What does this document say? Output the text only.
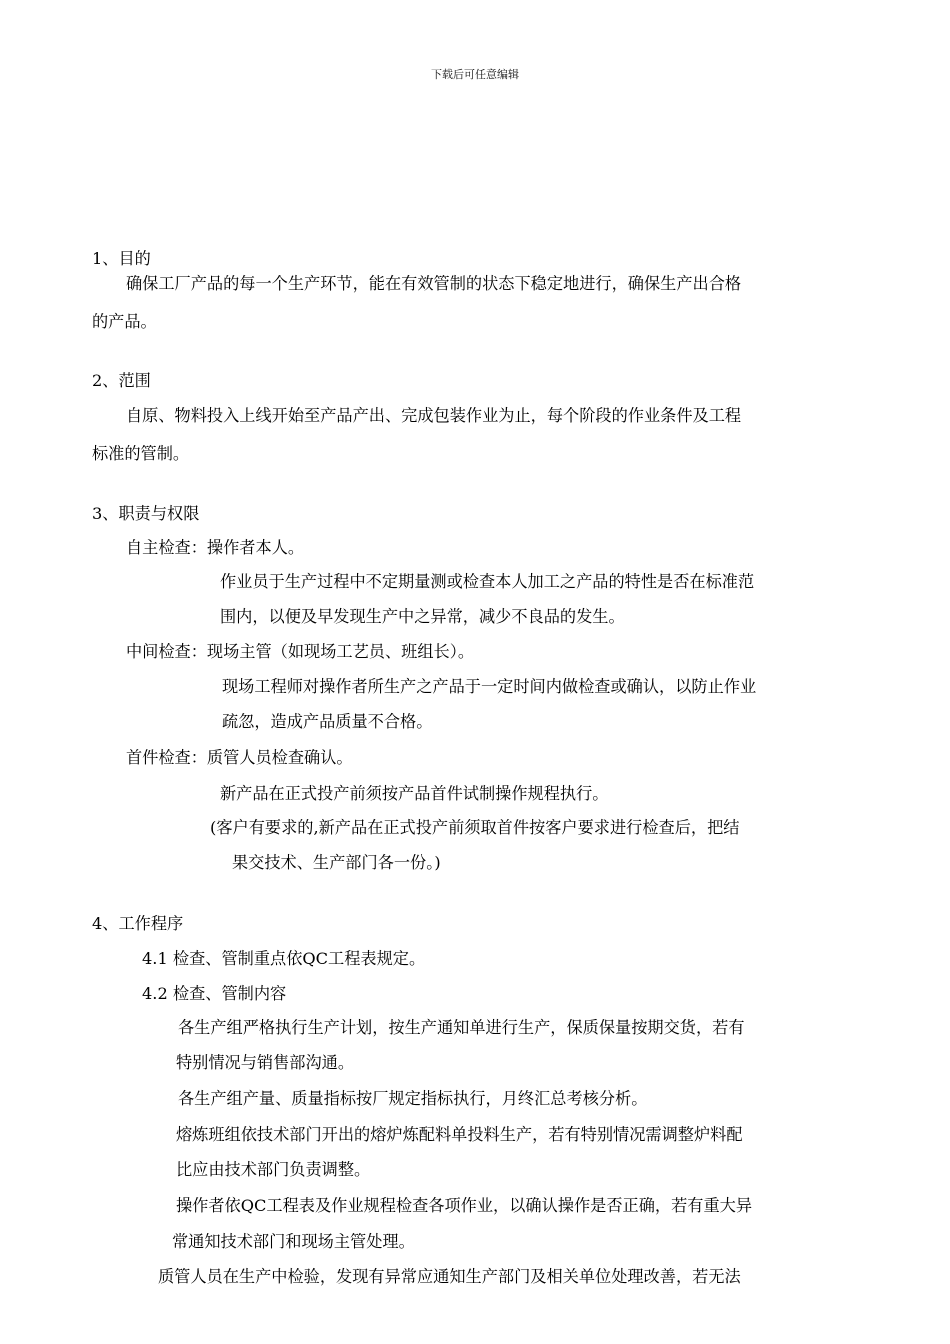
下载后可任意编辑
1、目的
确保工厂产品的每一个生产环节，能在有效管制的状态下稳定地进行，确保生产出合格
的产品。
2、范围
自原、物料投入上线开始至产品产出、完成包装作业为止，每个阶段的作业条件及工程
标准的管制。
3、职责与权限
自主检查：操作者本人。
作业员于生产过程中不定期量测或检查本人加工之产品的特性是否在标准范
围内，以便及早发现生产中之异常，减少不良品的发生。
中间检查：现场主管（如现场工艺员、班组长）。
现场工程师对操作者所生产之产品于一定时间内做检查或确认，以防止作业
疏忽，造成产品质量不合格。
首件检查：质管人员检查确认。
新产品在正式投产前须按产品首件试制操作规程执行。
(客户有要求的,新产品在正式投产前须取首件按客户要求进行检查后，把结
果交技术、生产部门各一份。)
4、工作程序
4.1 检查、管制重点依QC工程表规定。
4.2 检查、管制内容
各生产组严格执行生产计划，按生产通知单进行生产，保质保量按期交货，若有
特别情况与销售部沟通。
各生产组产量、质量指标按厂规定指标执行，月终汇总考核分析。
熔炼班组依技术部门开出的熔炉炼配料单投料生产，若有特别情况需调整炉料配
比应由技术部门负责调整。
操作者依QC工程表及作业规程检查各项作业，以确认操作是否正确，若有重大异
常通知技术部门和现场主管处理。
质管人员在生产中检验，发现有异常应通知生产部门及相关单位处理改善，若无法
